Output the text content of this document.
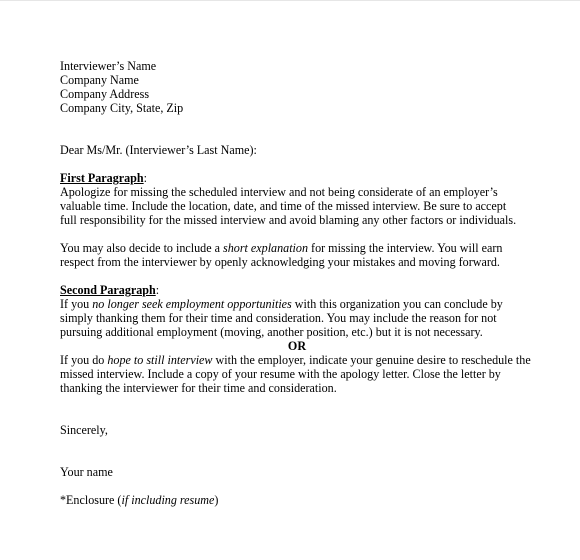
Interviewer’s Name
Company Name
Company Address
Company City, State, Zip
Dear Ms/Mr. (Interviewer’s Last Name):
First Paragraph:
Apologize for missing the scheduled interview and not being considerate of an employer’s
valuable time. Include the location, date, and time of the missed interview. Be sure to accept
full responsibility for the missed interview and avoid blaming any other factors or individuals.
You may also decide to include a short explanation for missing the interview. You will earn
respect from the interviewer by openly acknowledging your mistakes and moving forward.
Second Paragraph:
If you no longer seek employment opportunities with this organization you can conclude by
simply thanking them for their time and consideration. You may include the reason for not
pursuing additional employment (moving, another position, etc.) but it is not necessary.
OR
If you do hope to still interview with the employer, indicate your genuine desire to reschedule the
missed interview. Include a copy of your resume with the apology letter. Close the letter by
thanking the interviewer for their time and consideration.
Sincerely,
Your name
*Enclosure (if including resume)
